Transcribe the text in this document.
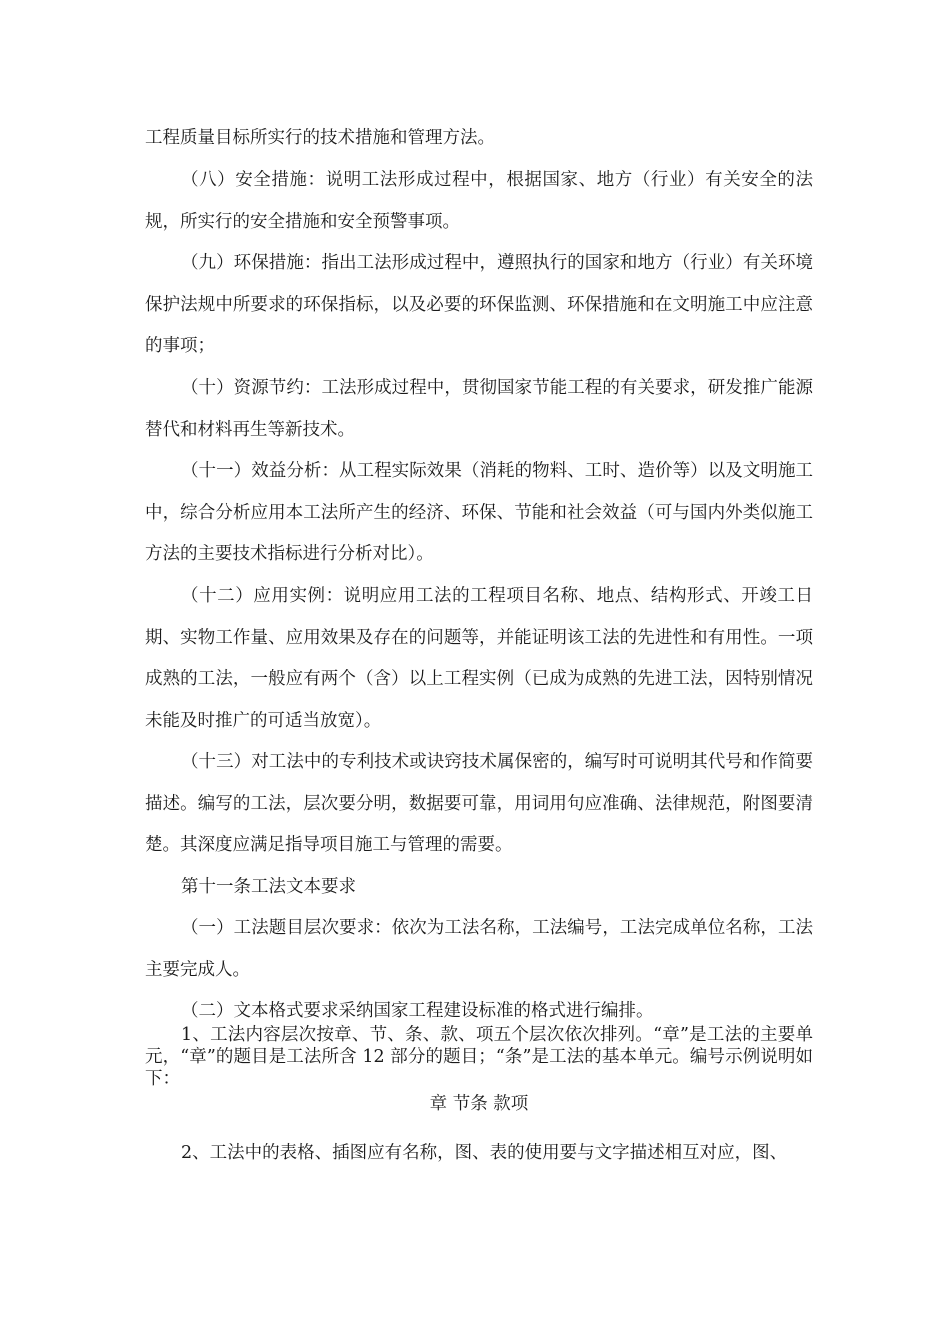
工程质量目标所实行的技术措施和管理方法。

（八）安全措施：说明工法形成过程中，根据国家、地方（行业）有关安全的法规，所实行的安全措施和安全预警事项。

（九）环保措施：指出工法形成过程中，遵照执行的国家和地方（行业）有关环境保护法规中所要求的环保指标，以及必要的环保监测、环保措施和在文明施工中应注意的事项；

（十）资源节约：工法形成过程中，贯彻国家节能工程的有关要求，研发推广能源替代和材料再生等新技术。

（十一）效益分析：从工程实际效果（消耗的物料、工时、造价等）以及文明施工中，综合分析应用本工法所产生的经济、环保、节能和社会效益（可与国内外类似施工方法的主要技术指标进行分析对比）。

（十二）应用实例：说明应用工法的工程项目名称、地点、结构形式、开竣工日期、实物工作量、应用效果及存在的问题等，并能证明该工法的先进性和有用性。一项成熟的工法，一般应有两个（含）以上工程实例（已成为成熟的先进工法，因特别情况未能及时推广的可适当放宽）。

（十三）对工法中的专利技术或诀窍技术属保密的，编写时可说明其代号和作简要描述。编写的工法，层次要分明，数据要可靠，用词用句应准确、法律规范，附图要清楚。其深度应满足指导项目施工与管理的需要。

第十一条工法文本要求

（一）工法题目层次要求：依次为工法名称，工法编号，工法完成单位名称，工法主要完成人。

（二）文本格式要求采纳国家工程建设标准的格式进行编排。

1、工法内容层次按章、节、条、款、项五个层次依次排列。“章”是工法的主要单元，“章”的题目是工法所含 12 部分的题目；“条”是工法的基本单元。编号示例说明如下：

章 节条 款项

2、工法中的表格、插图应有名称，图、表的使用要与文字描述相互对应，图、
